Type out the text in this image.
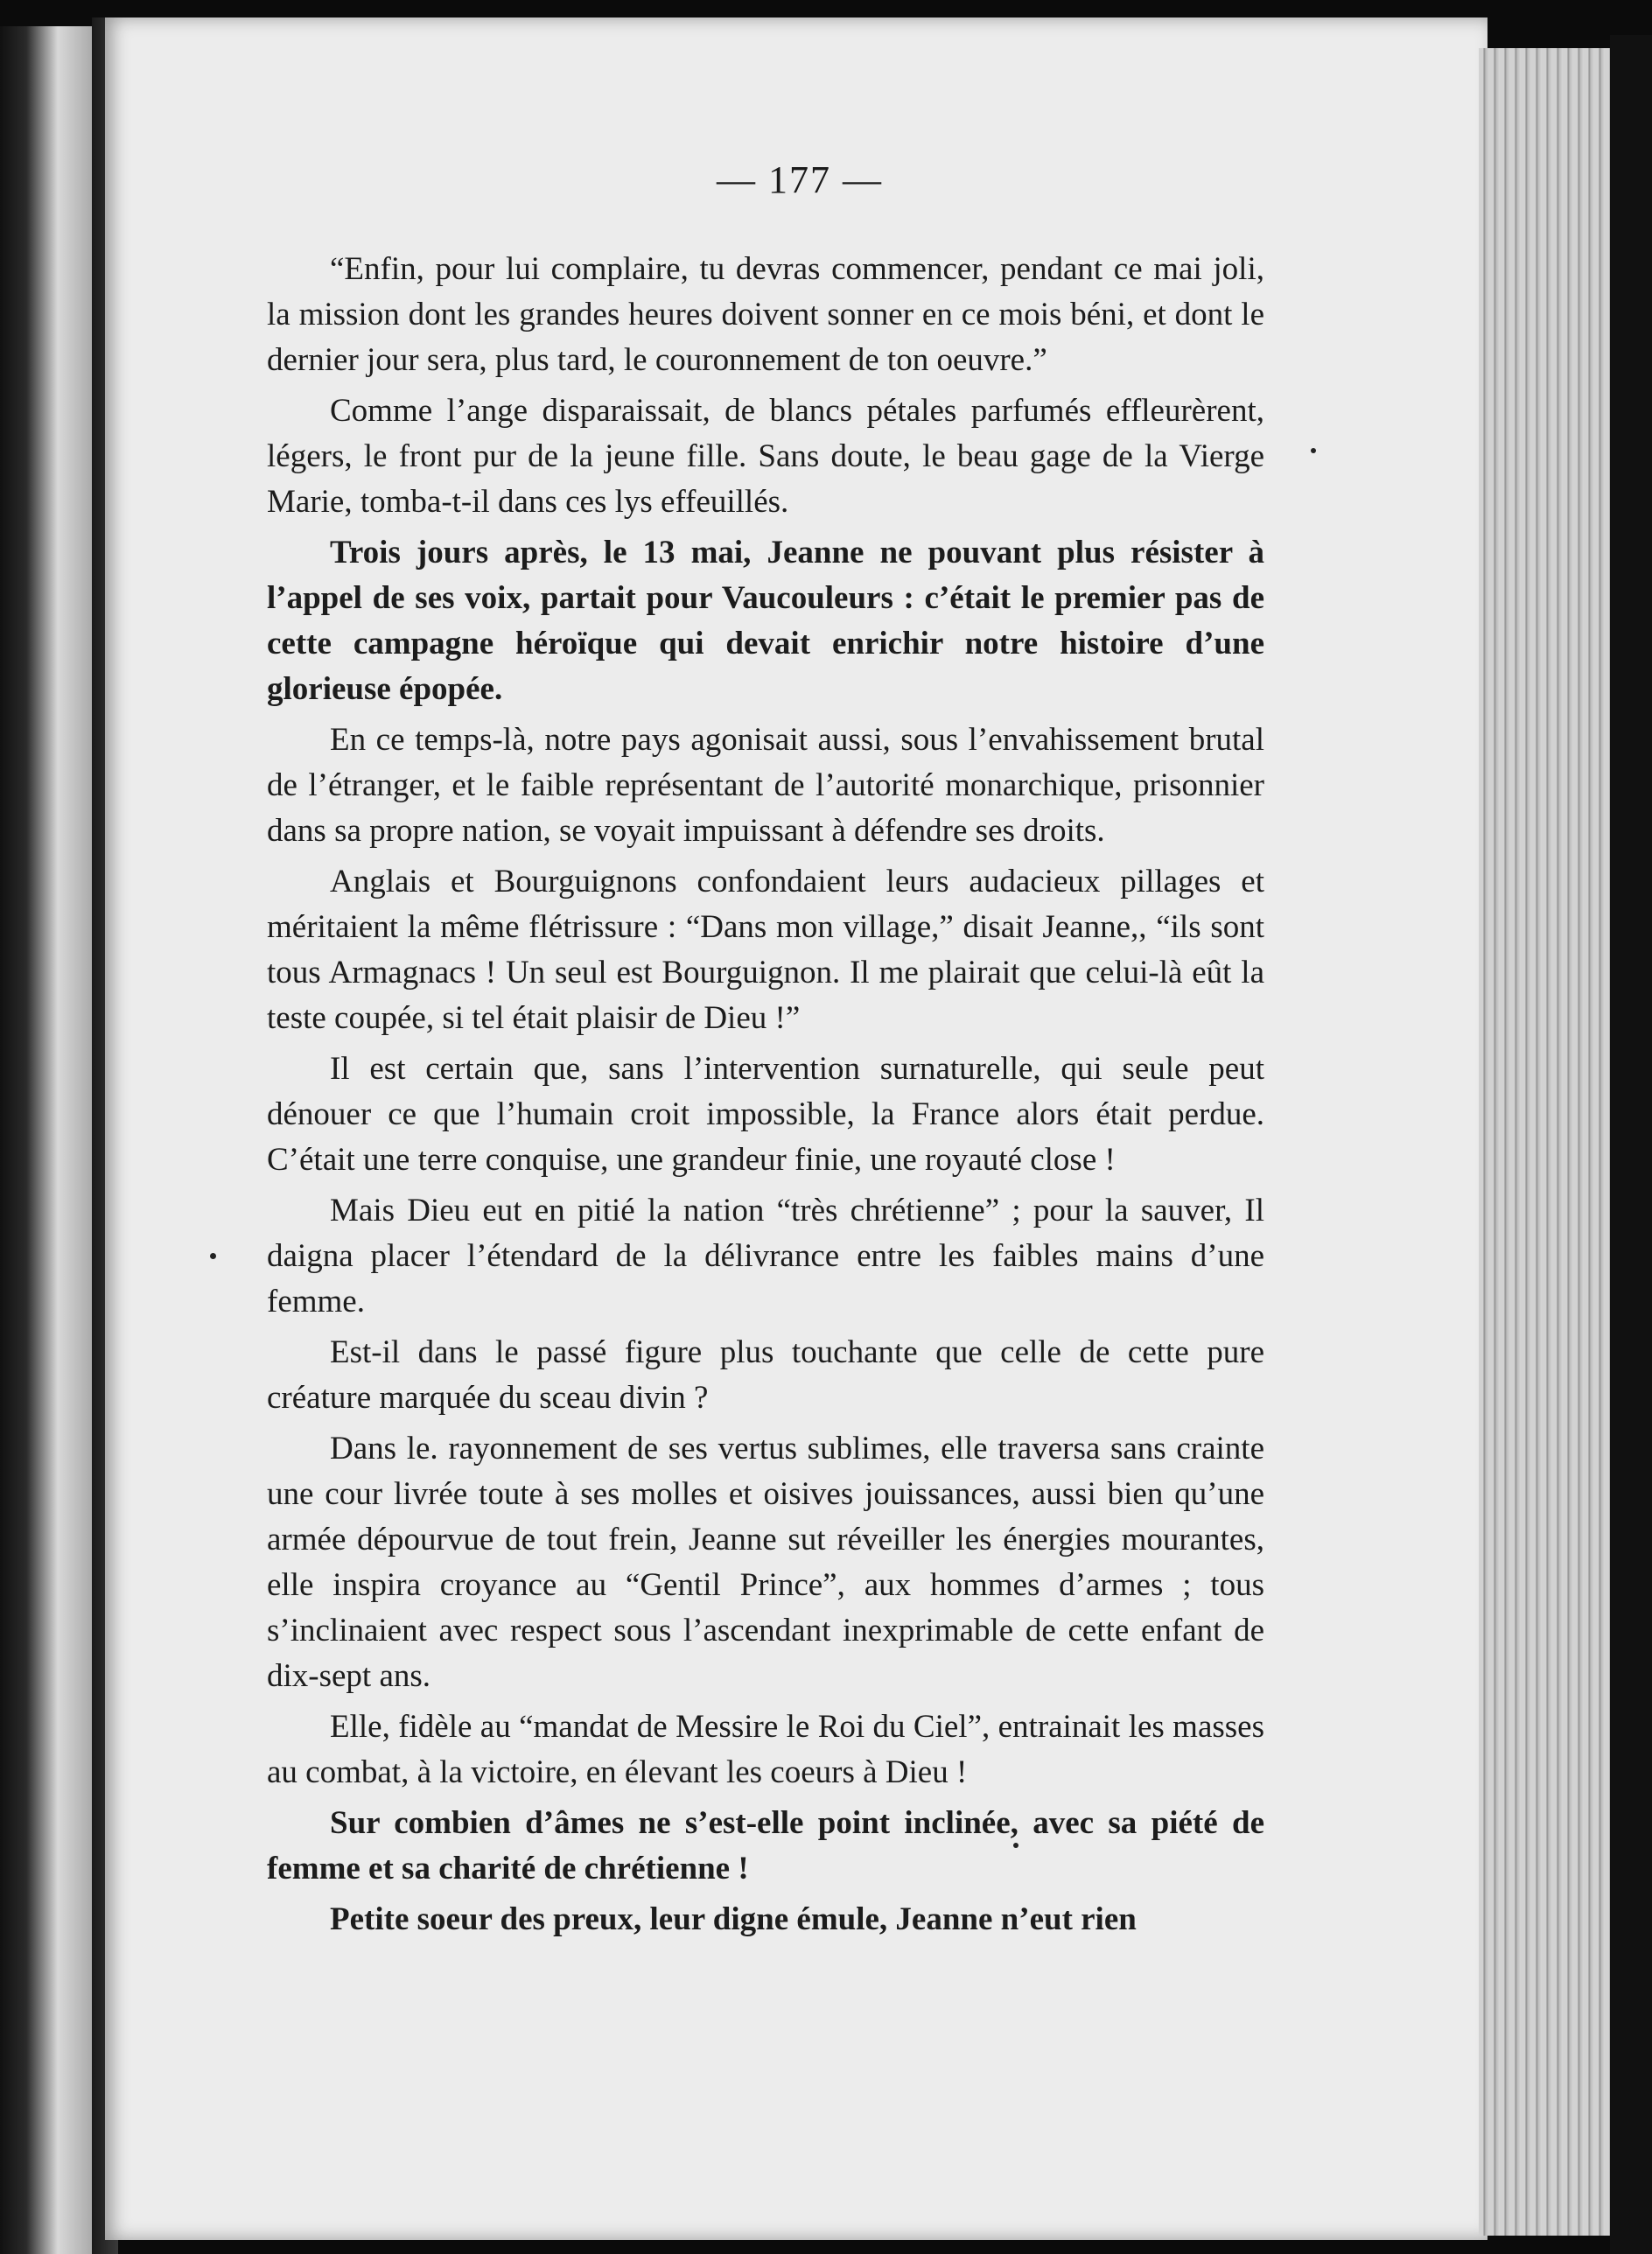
— 177 —

“Enfin, pour lui complaire, tu devras commencer, pendant ce mai joli, la mission dont les grandes heures doivent sonner en ce mois béni, et dont le dernier jour sera, plus tard, le couronnement de ton oeuvre.”

Comme l’ange disparaissait, de blancs pétales parfumés effleurèrent, légers, le front pur de la jeune fille. Sans doute, le beau gage de la Vierge Marie, tomba-t-il dans ces lys effeuillés.

Trois jours après, le 13 mai, Jeanne ne pouvant plus résister à l’appel de ses voix, partait pour Vaucouleurs : c’était le premier pas de cette campagne héroïque qui devait enrichir notre histoire d’une glorieuse épopée.

En ce temps-là, notre pays agonisait aussi, sous l’envahissement brutal de l’étranger, et le faible représentant de l’autorité monarchique, prisonnier dans sa propre nation, se voyait impuissant à défendre ses droits.

Anglais et Bourguignons confondaient leurs audacieux pillages et méritaient la même flétrissure : “Dans mon village,” disait Jeanne,, “ils sont tous Armagnacs ! Un seul est Bourguignon. Il me plairait que celui-là eût la teste coupée, si tel était plaisir de Dieu !”

Il est certain que, sans l’intervention surnaturelle, qui seule peut dénouer ce que l’humain croit impossible, la France alors était perdue. C’était une terre conquise, une grandeur finie, une royauté close !

Mais Dieu eut en pitié la nation “très chrétienne” ; pour la sauver, Il daigna placer l’étendard de la délivrance entre les faibles mains d’une femme.

Est-il dans le passé figure plus touchante que celle de cette pure créature marquée du sceau divin ?

Dans le. rayonnement de ses vertus sublimes, elle traversa sans crainte une cour livrée toute à ses molles et oisives jouissances, aussi bien qu’une armée dépourvue de tout frein, Jeanne sut réveiller les énergies mourantes, elle inspira croyance au “Gentil Prince”, aux hommes d’armes ; tous s’inclinaient avec respect sous l’ascendant inexprimable de cette enfant de dix-sept ans.

Elle, fidèle au “mandat de Messire le Roi du Ciel”, entrainait les masses au combat, à la victoire, en élevant les coeurs à Dieu !

Sur combien d’âmes ne s’est-elle point inclinée, avec sa piété de femme et sa charité de chrétienne !

Petite soeur des preux, leur digne émule, Jeanne n’eut rien
